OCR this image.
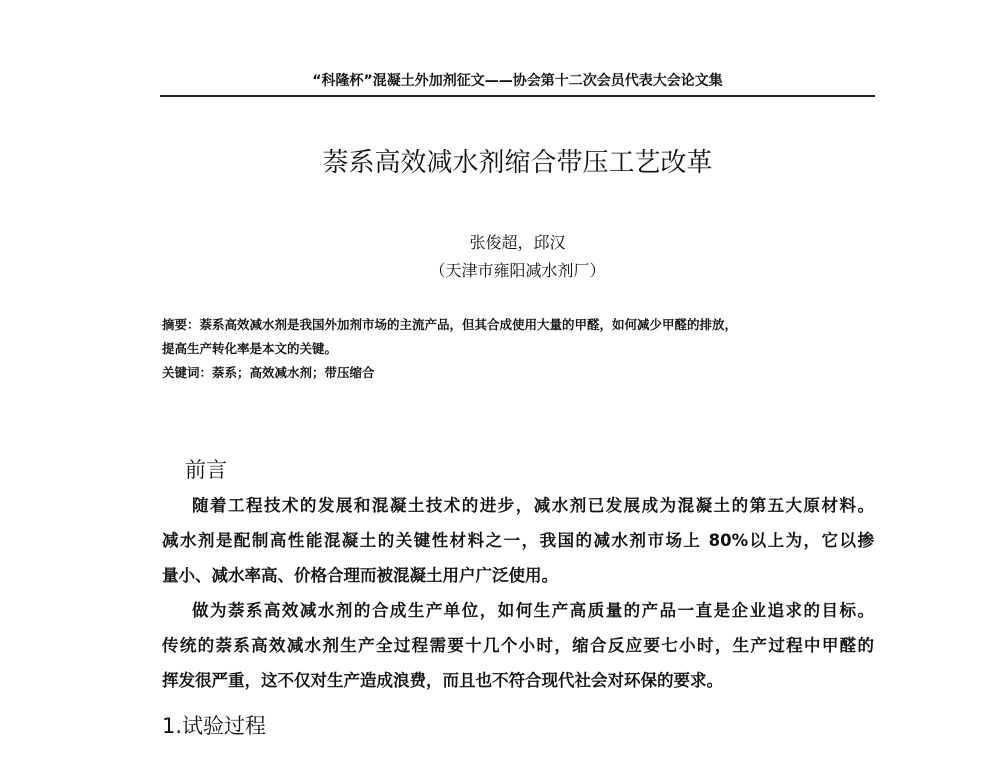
“科隆杯”混凝土外加剂征文——协会第十二次会员代表大会论文集
萘系高效减水剂缩合带压工艺改革
张俊超，邱汉
（天津市雍阳减水剂厂）

摘要：萘系高效减水剂是我国外加剂市场的主流产品，但其合成使用大量的甲醛，如何减少甲醛的排放，

提高生产转化率是本文的关键。

关键词：萘系；高效减水剂；带压缩合

前言
随着工程技术的发展和混凝土技术的进步，减水剂已发展成为混凝土的第五大原材料。
减水剂是配制高性能混凝土的关键性材料之一，我国的减水剂市场上 80%以上为，它以掺
量小、减水率高、价格合理而被混凝土用户广泛使用。
做为萘系高效减水剂的合成生产单位，如何生产高质量的产品一直是企业追求的目标。
传统的萘系高效减水剂生产全过程需要十几个小时，缩合反应要七小时，生产过程中甲醛的
挥发很严重，这不仅对生产造成浪费，而且也不符合现代社会对环保的要求。
1.试验过程
